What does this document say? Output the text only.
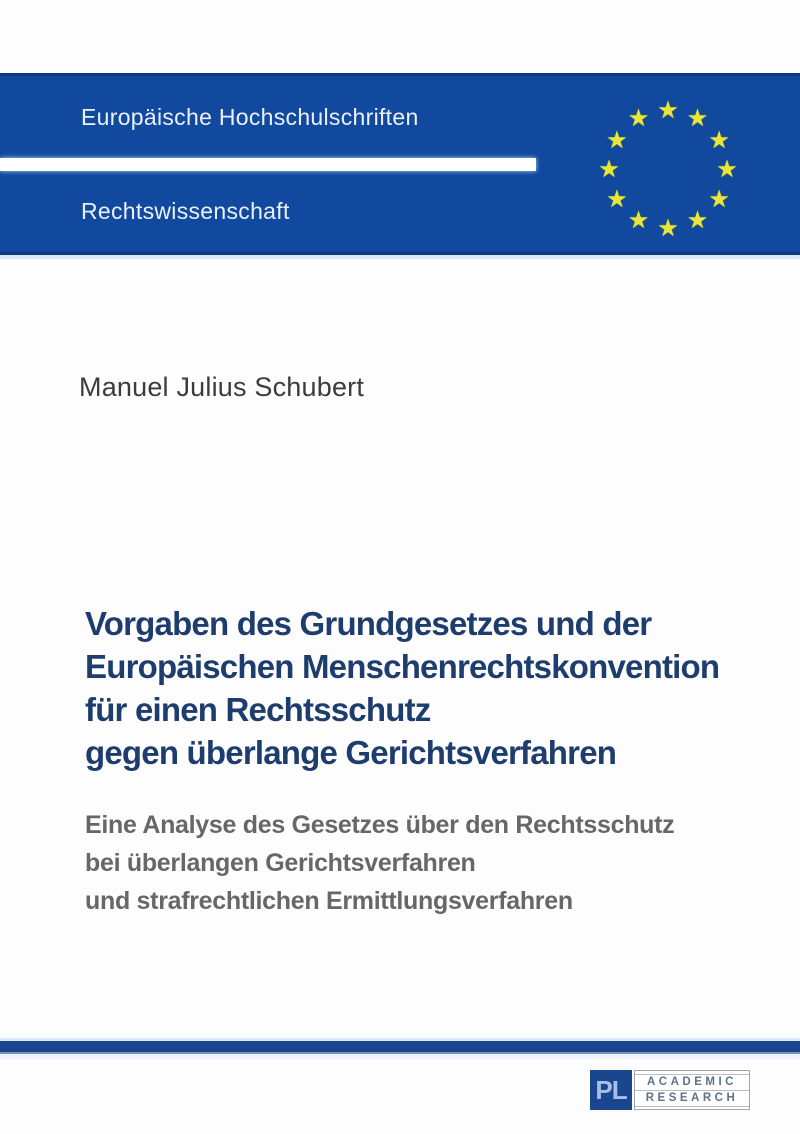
Europäische Hochschulschriften
Rechtswissenschaft
★ ★
★
★
★
★
★
★
★
★
★
★
Manuel Julius Schubert
Vorgaben des Grundgesetzes und der
Europäischen Menschenrechtskonvention
für einen Rechtsschutz
gegen überlange Gerichtsverfahren
Eine Analyse des Gesetzes über den Rechtsschutz
bei überlangen Gerichtsverfahren
und strafrechtlichen Ermittlungsverfahren
PL	ACADEMIC
RESEARCH
